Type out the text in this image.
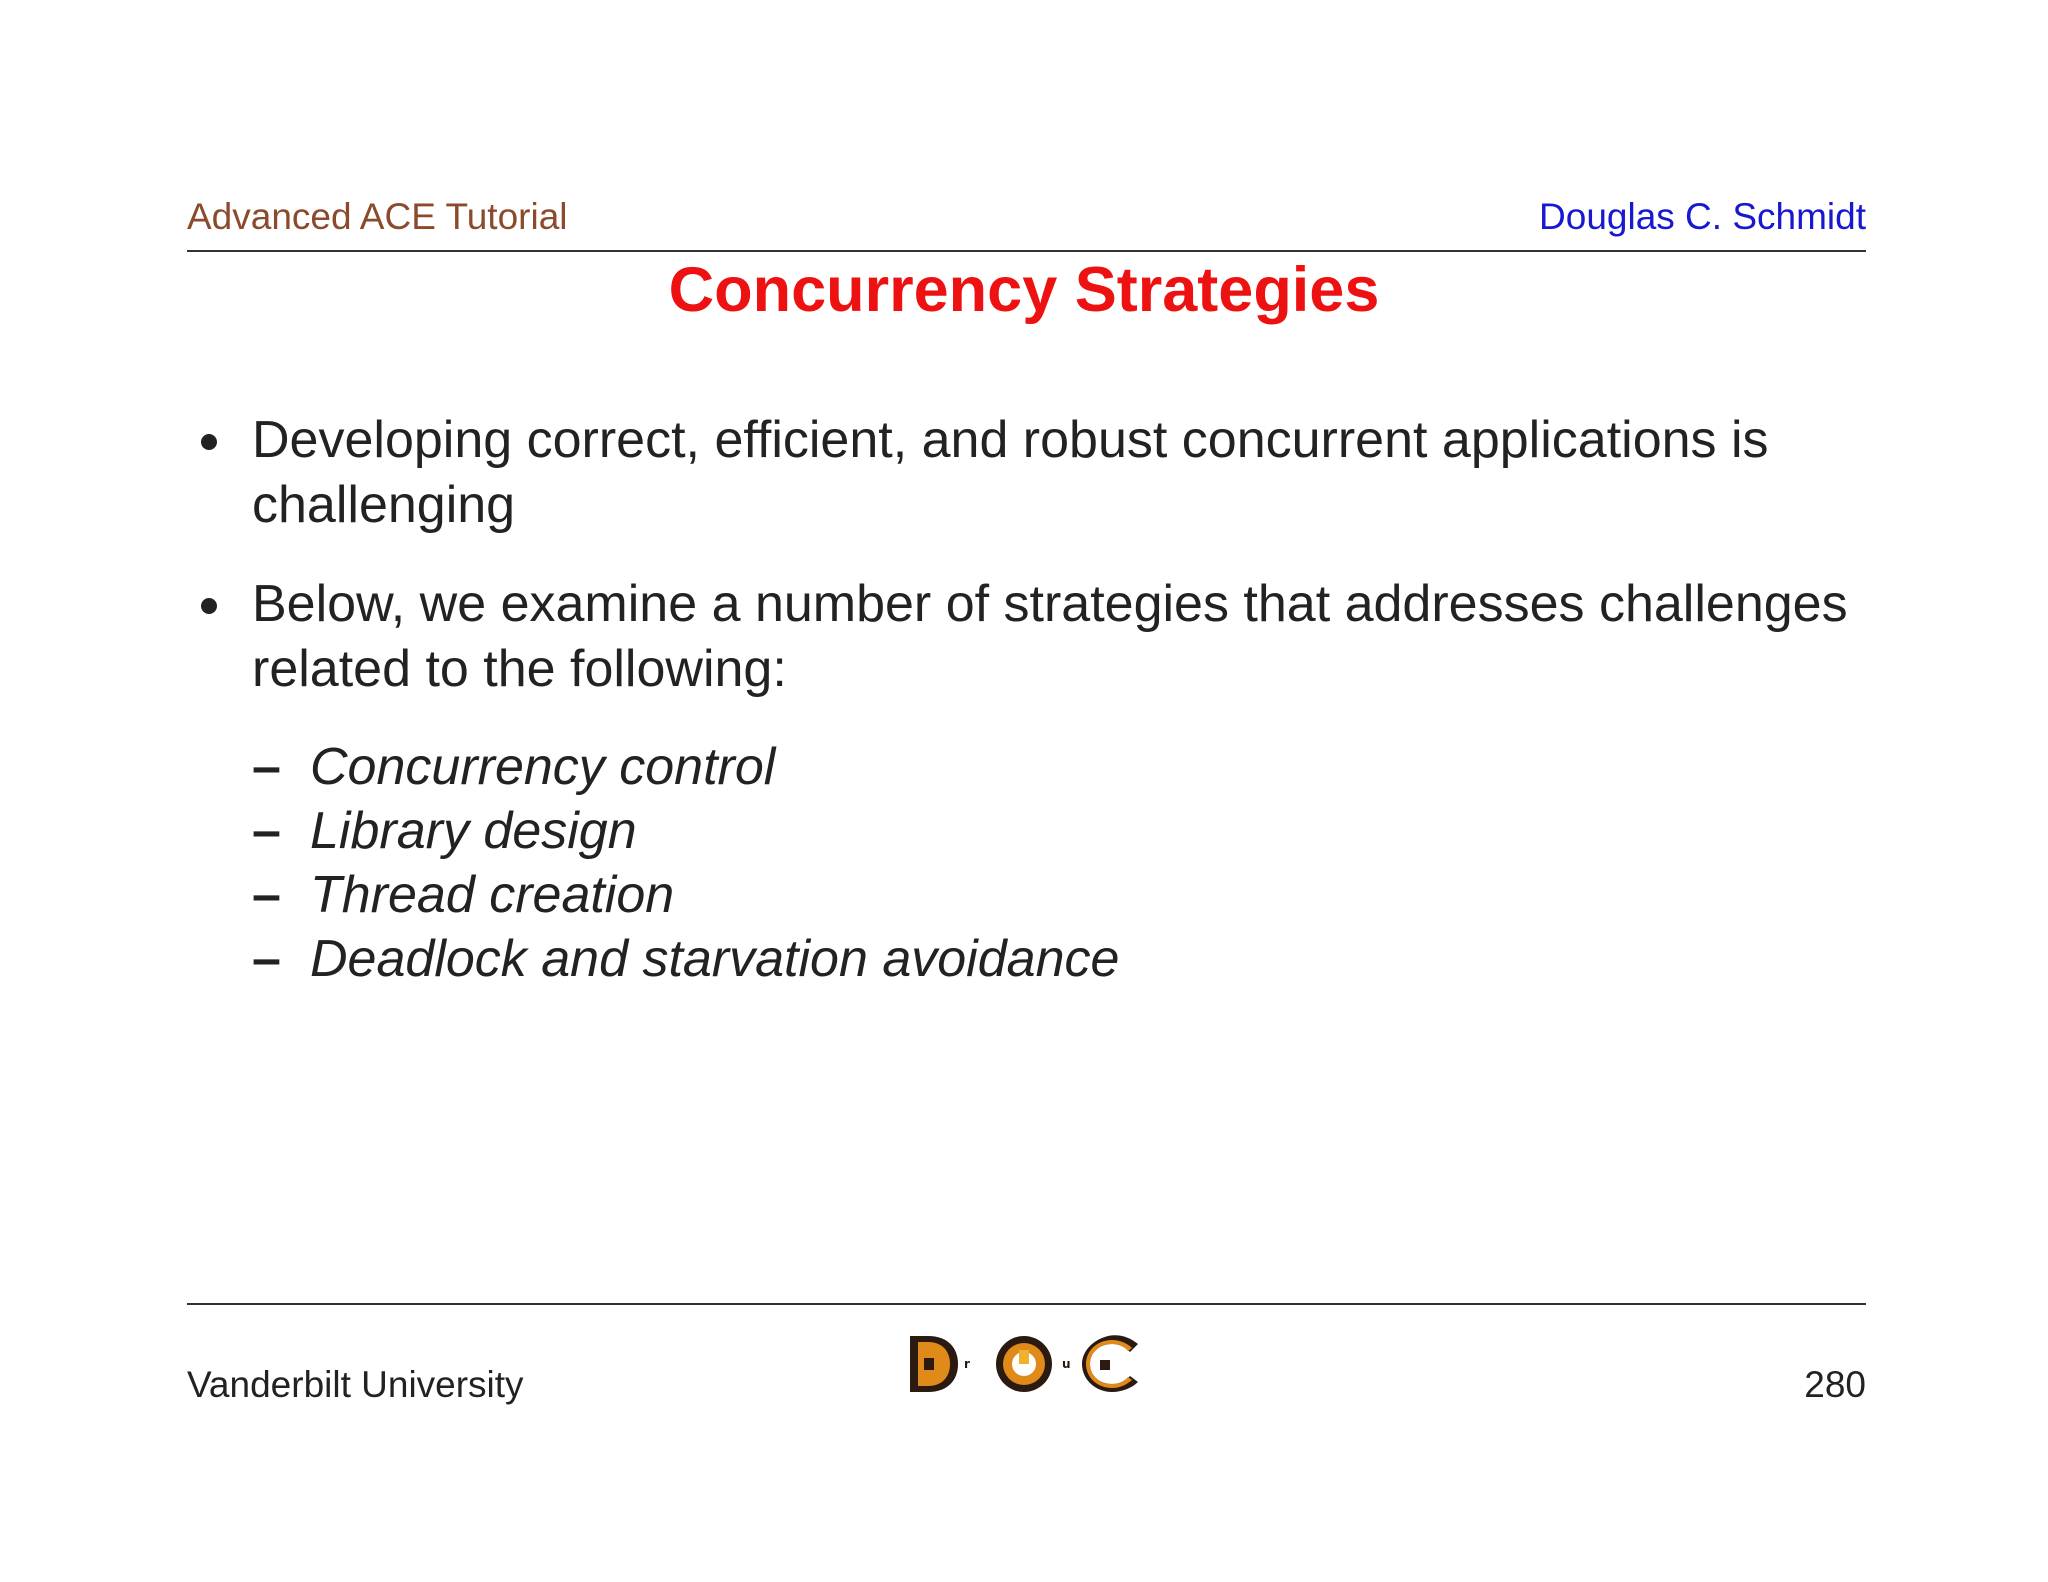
Advanced ACE Tutorial	Douglas C. Schmidt
Concurrency Strategies
Developing correct, efficient, and robust concurrent applications is challenging
Below, we examine a number of strategies that addresses challenges related to the following:
– Concurrency control
– Library design
– Thread creation
– Deadlock and starvation avoidance
Vanderbilt University	r	u	280
